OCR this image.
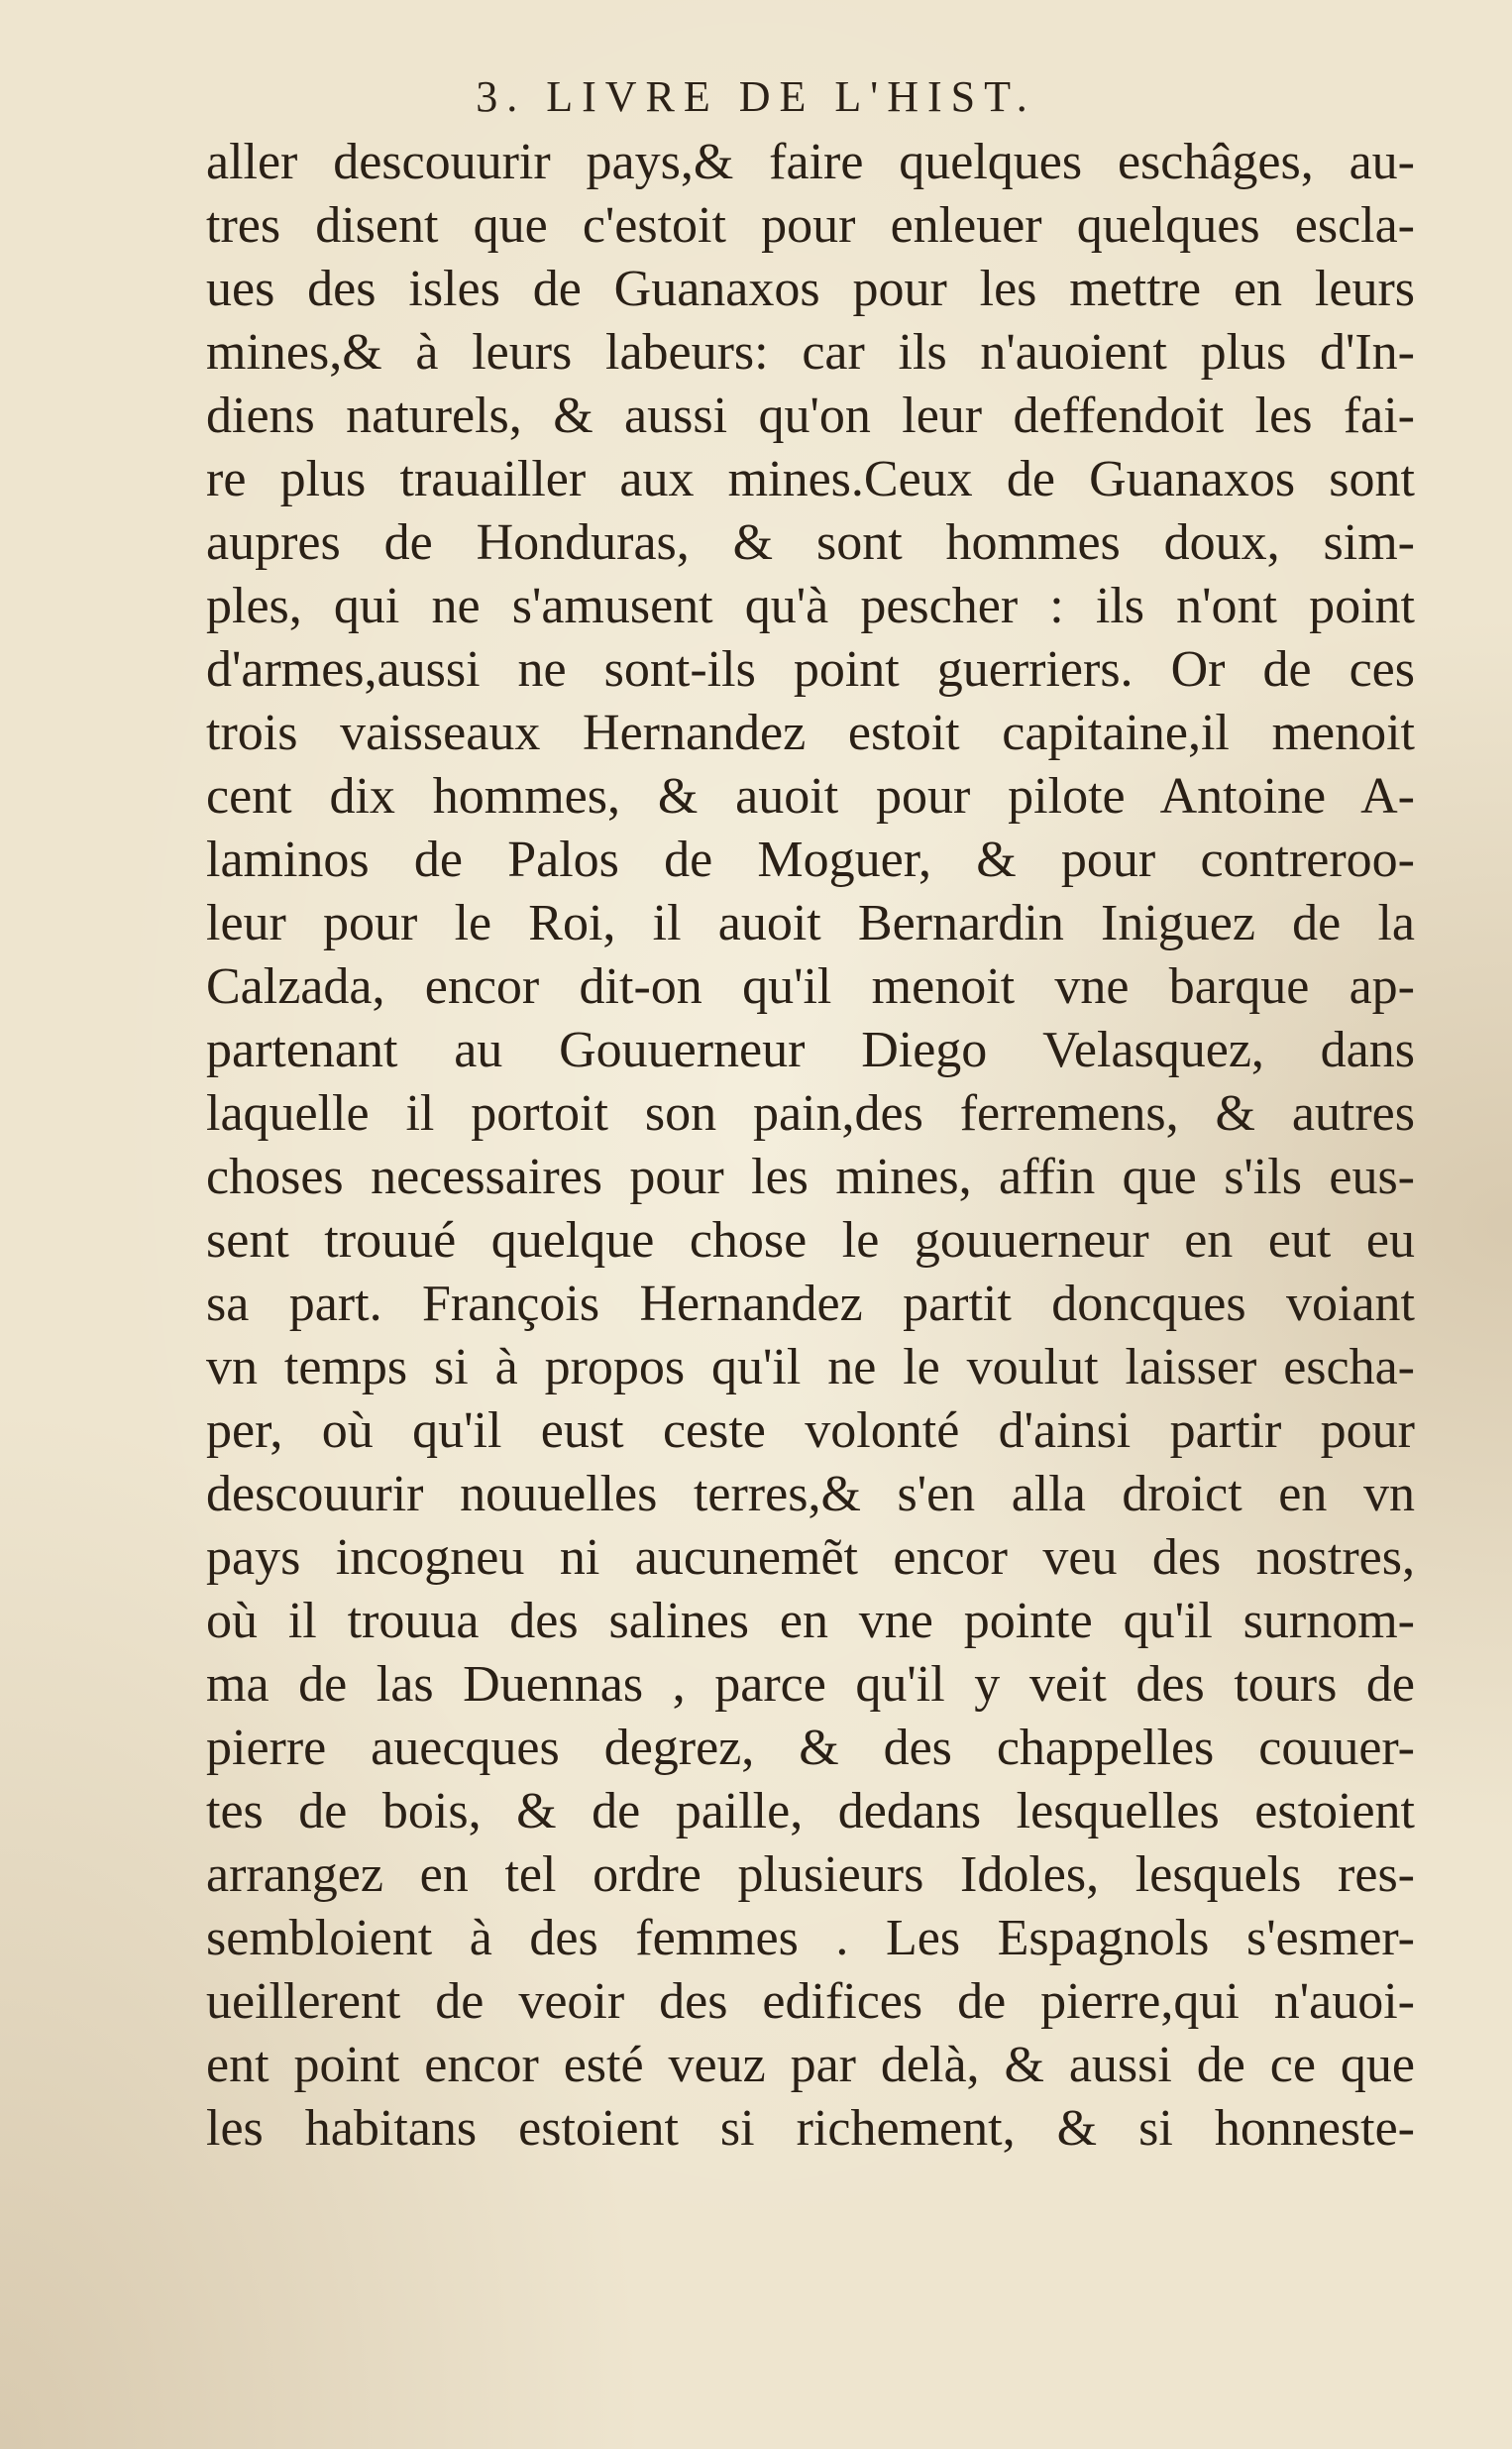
3. LIVRE DE L'HIST.
aller descouurir pays,& faire quelques eschâges, au-
tres disent que c'estoit pour enleuer quelques escla-
ues des isles de Guanaxos pour les mettre en leurs
mines,& à leurs labeurs: car ils n'auoient plus d'In-
diens naturels, & aussi qu'on leur deffendoit les fai-
re plus trauailler aux mines.Ceux de Guanaxos sont
aupres de Honduras, & sont hommes doux, sim-
ples, qui ne s'amusent qu'à pescher : ils n'ont point
d'armes,aussi ne sont-ils point guerriers. Or de ces
trois vaisseaux Hernandez estoit capitaine,il menoit
cent dix hommes, & auoit pour pilote Antoine A-
laminos de Palos de Moguer, & pour contreroo-
leur pour le Roi, il auoit Bernardin Iniguez de la
Calzada, encor dit-on qu'il menoit vne barque ap-
partenant au Gouuerneur Diego Velasquez, dans
laquelle il portoit son pain,des ferremens, & autres
choses necessaires pour les mines, affin que s'ils eus-
sent trouué quelque chose le gouuerneur en eut eu
sa part. François Hernandez partit doncques voiant
vn temps si à propos qu'il ne le voulut laisser escha-
per, où qu'il eust ceste volonté d'ainsi partir pour
descouurir nouuelles terres,& s'en alla droict en vn
pays incogneu ni aucunemẽt encor veu des nostres,
où il trouua des salines en vne pointe qu'il surnom-
ma de las Duennas , parce qu'il y veit des tours de
pierre auecques degrez, & des chappelles couuer-
tes de bois, & de paille, dedans lesquelles estoient
arrangez en tel ordre plusieurs Idoles, lesquels res-
sembloient à des femmes . Les Espagnols s'esmer-
ueillerent de veoir des edifices de pierre,qui n'auoi-
ent point encor esté veuz par delà, & aussi de ce que
les habitans estoient si richement, & si honneste-
